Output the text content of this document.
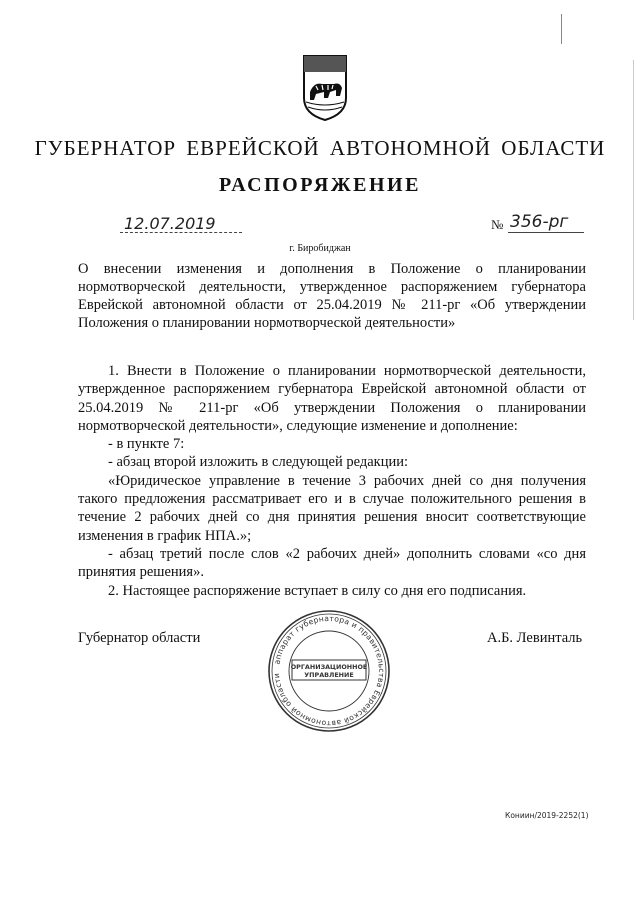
ГУБЕРНАТОР ЕВРЕЙСКОЙ АВТОНОМНОЙ ОБЛАСТИ
РАСПОРЯЖЕНИЕ
12.07.2019	№ 356-рг
г. Биробиджан
О внесении изменения и дополнения в Положение о планировании нормотворческой деятельности, утвержденное распоряжением губернатора Еврейской автономной области от 25.04.2019 № 211-рг «Об утверждении Положения о планировании нормотворческой деятельности»

1. Внести в Положение о планировании нормотворческой деятельности, утвержденное распоряжением губернатора Еврейской автономной области от 25.04.2019 № 211-рг «Об утверждении Положения о планировании нормотворческой деятельности», следующие изменение и дополнение:

- в пункте 7:

- абзац второй изложить в следующей редакции:

«Юридическое управление в течение 3 рабочих дней со дня получения такого предложения рассматривает его и в случае положительного решения в течение 2 рабочих дней со дня принятия решения вносит соответствующие изменения в график НПА.»;

- абзац третий после слов «2 рабочих дней» дополнить словами «со дня принятия решения».

2. Настоящее распоряжение вступает в силу со дня его подписания.

Губернатор области	А.Б. Левинталь
аппарат губернатора и правительства Еврейской автономной области
ОРГАНИЗАЦИОННОЕ
УПРАВЛЕНИЕ
Кониин/2019-2252(1)
